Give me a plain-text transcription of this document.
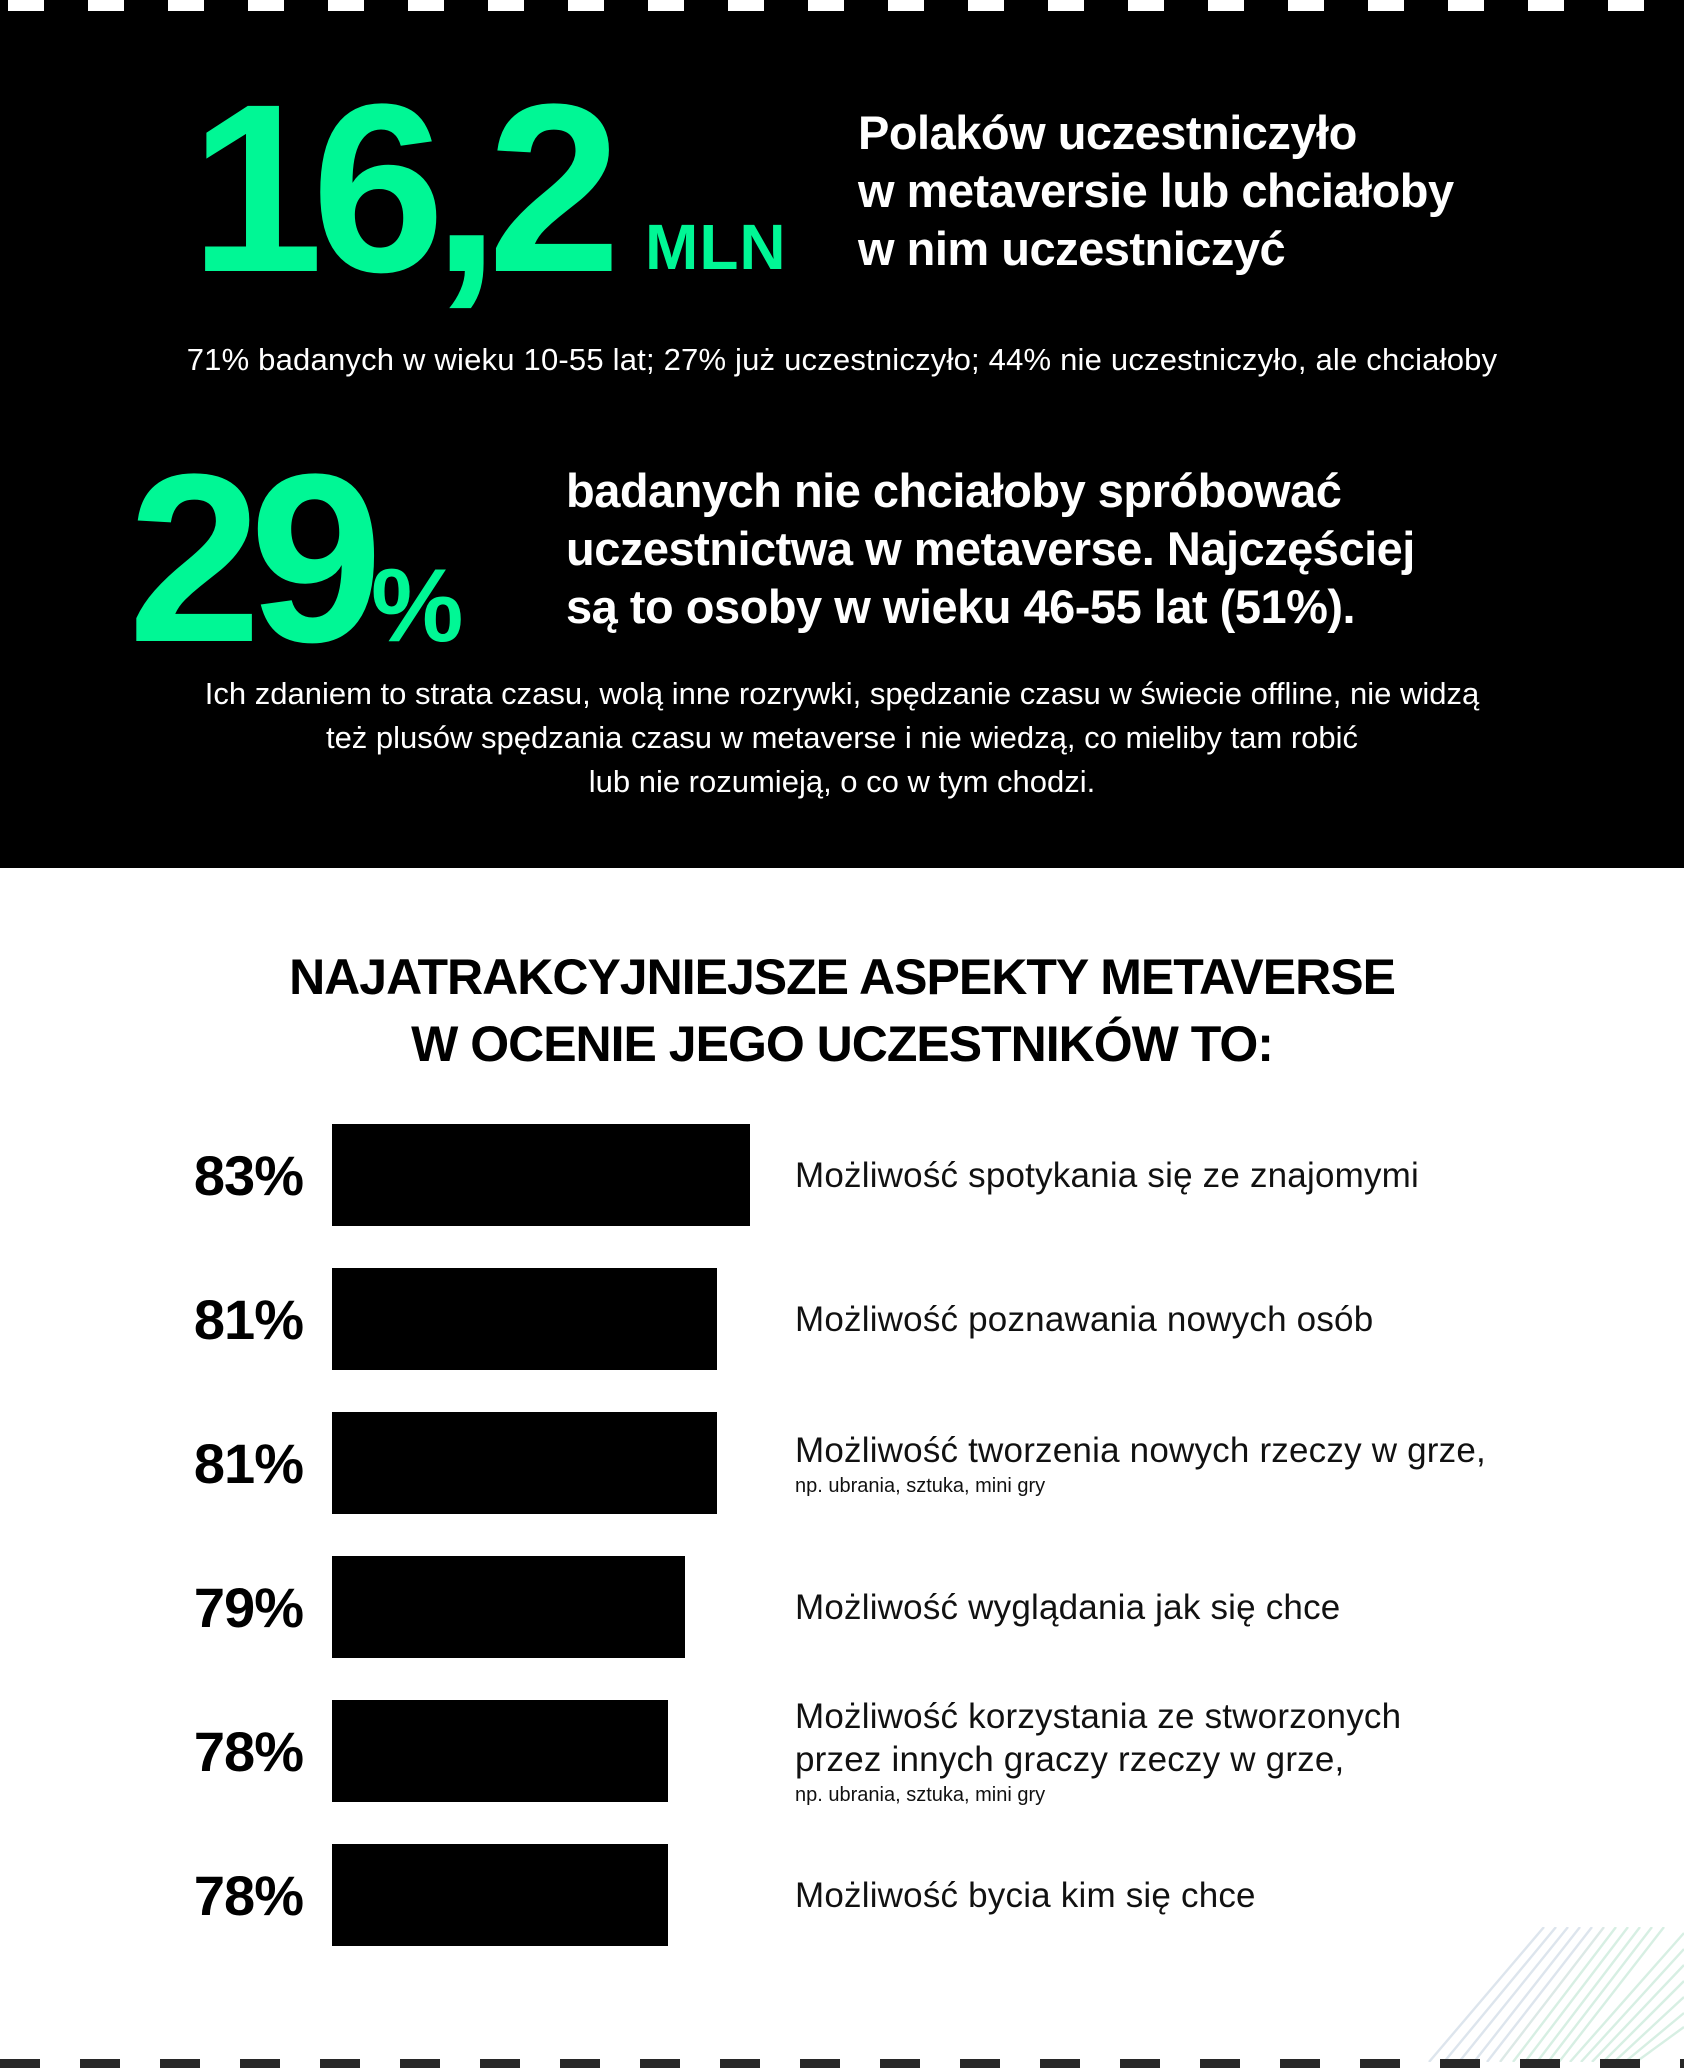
16,2 MLN
Polaków uczestniczyło
w metaversie lub chciałoby
w nim uczestniczyć
71% badanych w wieku 10-55 lat; 27% już uczestniczyło; 44% nie uczestniczyło, ale chciałoby
29%
badanych nie chciałoby spróbować
uczestnictwa w metaverse. Najczęściej
są to osoby w wieku 46-55 lat (51%).
Ich zdaniem to strata czasu, wolą inne rozrywki, spędzanie czasu w świecie offline, nie widzą
też plusów spędzania czasu w metaverse i nie wiedzą, co mieliby tam robić
lub nie rozumieją, o co w tym chodzi.
NAJATRAKCYJNIEJSZE ASPEKTY METAVERSE
W OCENIE JEGO UCZESTNIKÓW TO:
83%	Możliwość spotykania się ze znajomymi
81%	Możliwość poznawania nowych osób
81%	Możliwość tworzenia nowych rzeczy w grze,
np. ubrania, sztuka, mini gry
79%	Możliwość wyglądania jak się chce
78%
Możliwość korzystania ze stworzonych
przez innych graczy rzeczy w grze,
np. ubrania, sztuka, mini gry
78%	Możliwość bycia kim się chce
